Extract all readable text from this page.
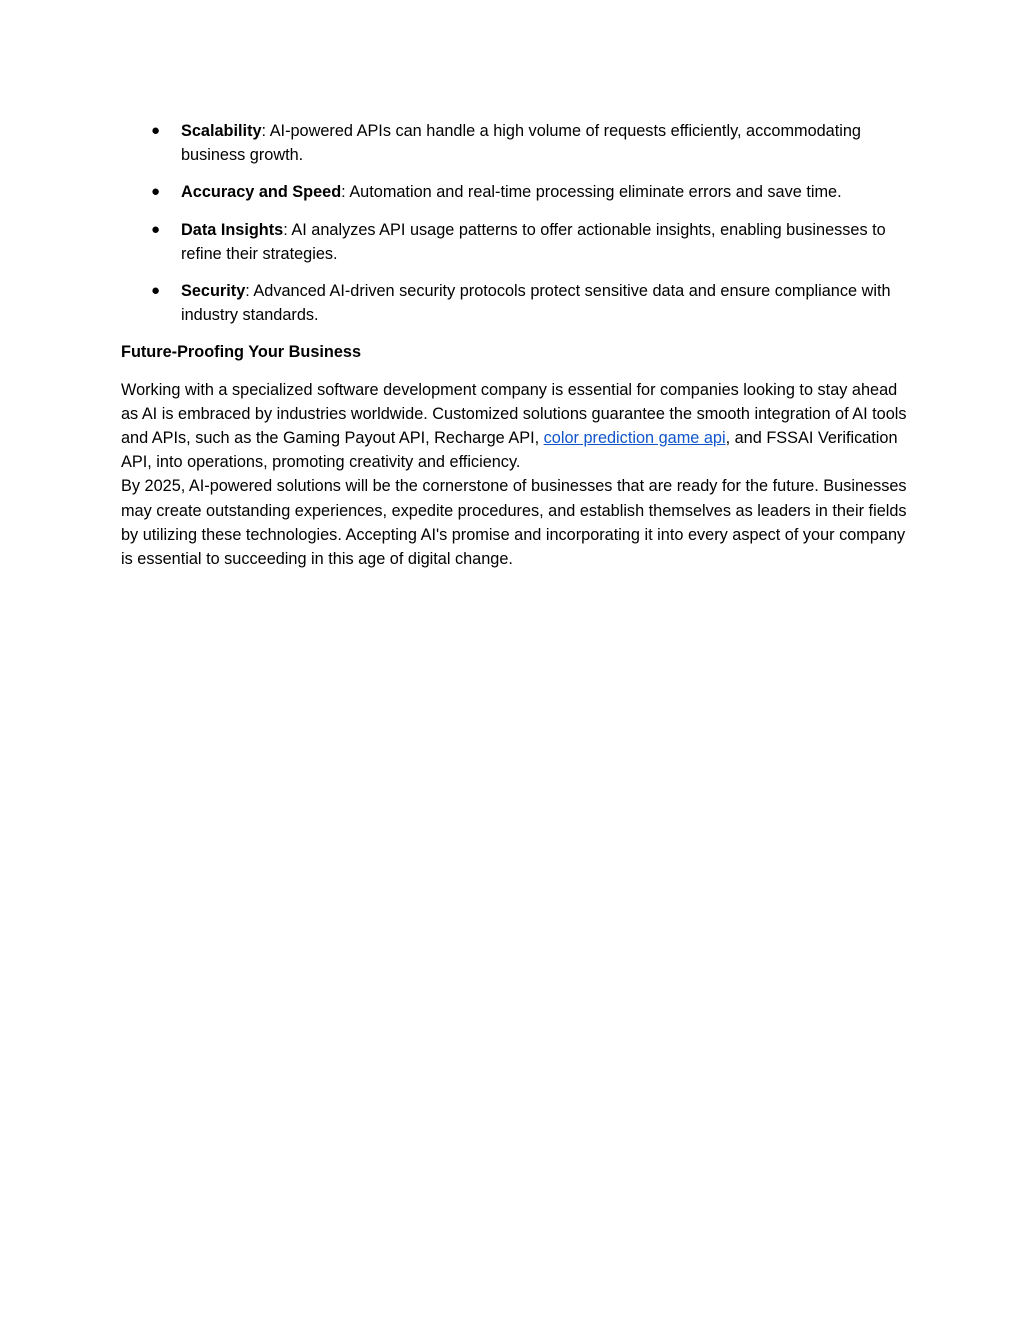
● Scalability: AI-powered APIs can handle a high volume of requests efficiently, accommodating business growth.
● Accuracy and Speed: Automation and real-time processing eliminate errors and save time.
● Data Insights: AI analyzes API usage patterns to offer actionable insights, enabling businesses to refine their strategies.
● Security: Advanced AI-driven security protocols protect sensitive data and ensure compliance with industry standards.
Future-Proofing Your Business

Working with a specialized software development company is essential for companies looking to stay ahead as AI is embraced by industries worldwide. Customized solutions guarantee the smooth integration of AI tools and APIs, such as the Gaming Payout API, Recharge API, color prediction game api, and FSSAI Verification API, into operations, promoting creativity and efficiency.

By 2025, AI-powered solutions will be the cornerstone of businesses that are ready for the future. Businesses may create outstanding experiences, expedite procedures, and establish themselves as leaders in their fields by utilizing these technologies. Accepting AI's promise and incorporating it into every aspect of your company is essential to succeeding in this age of digital change.
